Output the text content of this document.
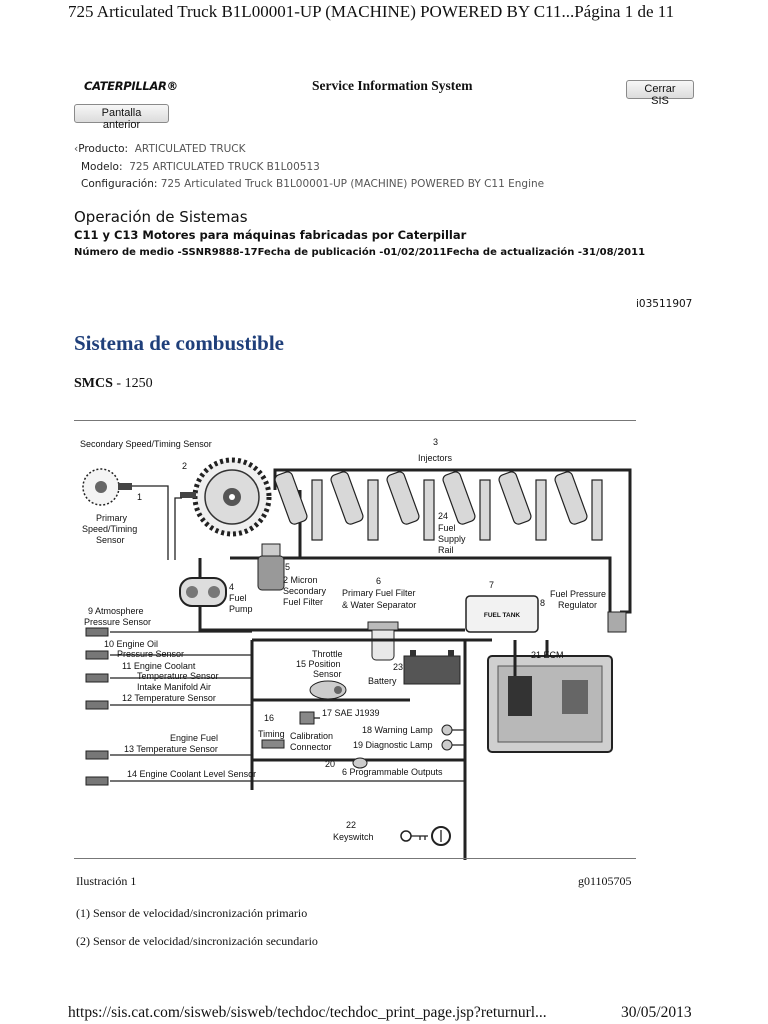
725 Articulated Truck B1L00001-UP (MACHINE) POWERED BY C11...Página 1 de 11
CATERPILLAR®	Service Information System	Cerrar SIS
Pantalla anterior
‹Producto: ARTICULATED TRUCK
Modelo: 725 ARTICULATED TRUCK B1L00513
Configuración: 725 Articulated Truck B1L00001-UP (MACHINE) POWERED BY C11 Engine
Operación de Sistemas
C11 y C13 Motores para máquinas fabricadas por Caterpillar
Número de medio -SSNR9888-17Fecha de publicación -01/02/2011Fecha de actualización -31/08/2011
i03511907
Sistema de combustible
SMCS - 1250
FUEL TANK
Secondary Speed/Timing Sensor	3
Injectors
2
1
Primary
Speed/Timing
Sensor
24
Fuel
Supply
Rail
5
2 Micron
Secondary
Fuel Filter
6
Primary Fuel Filter
& Water Separator
7
Fuel Pressure
8 Regulator
4
Fuel
Pump
9 Atmosphere
Pressure Sensor
10 Engine Oil
Pressure Sensor
11 Engine Coolant
Temperature Sensor
Intake Manifold Air
12 Temperature Sensor
Throttle
15 Position
Sensor
23
Battery
21 ECM
16	17 SAE J1939
Timing Calibration
Connector
18 Warning Lamp
19 Diagnostic Lamp
20
6 Programmable Outputs
Engine Fuel
13 Temperature Sensor
14 Engine Coolant Level Sensor
22
Keyswitch
Ilustración 1	g01105705
(1) Sensor de velocidad/sincronización primario
(2) Sensor de velocidad/sincronización secundario
https://sis.cat.com/sisweb/sisweb/techdoc/techdoc_print_page.jsp?returnurl...	30/05/2013
